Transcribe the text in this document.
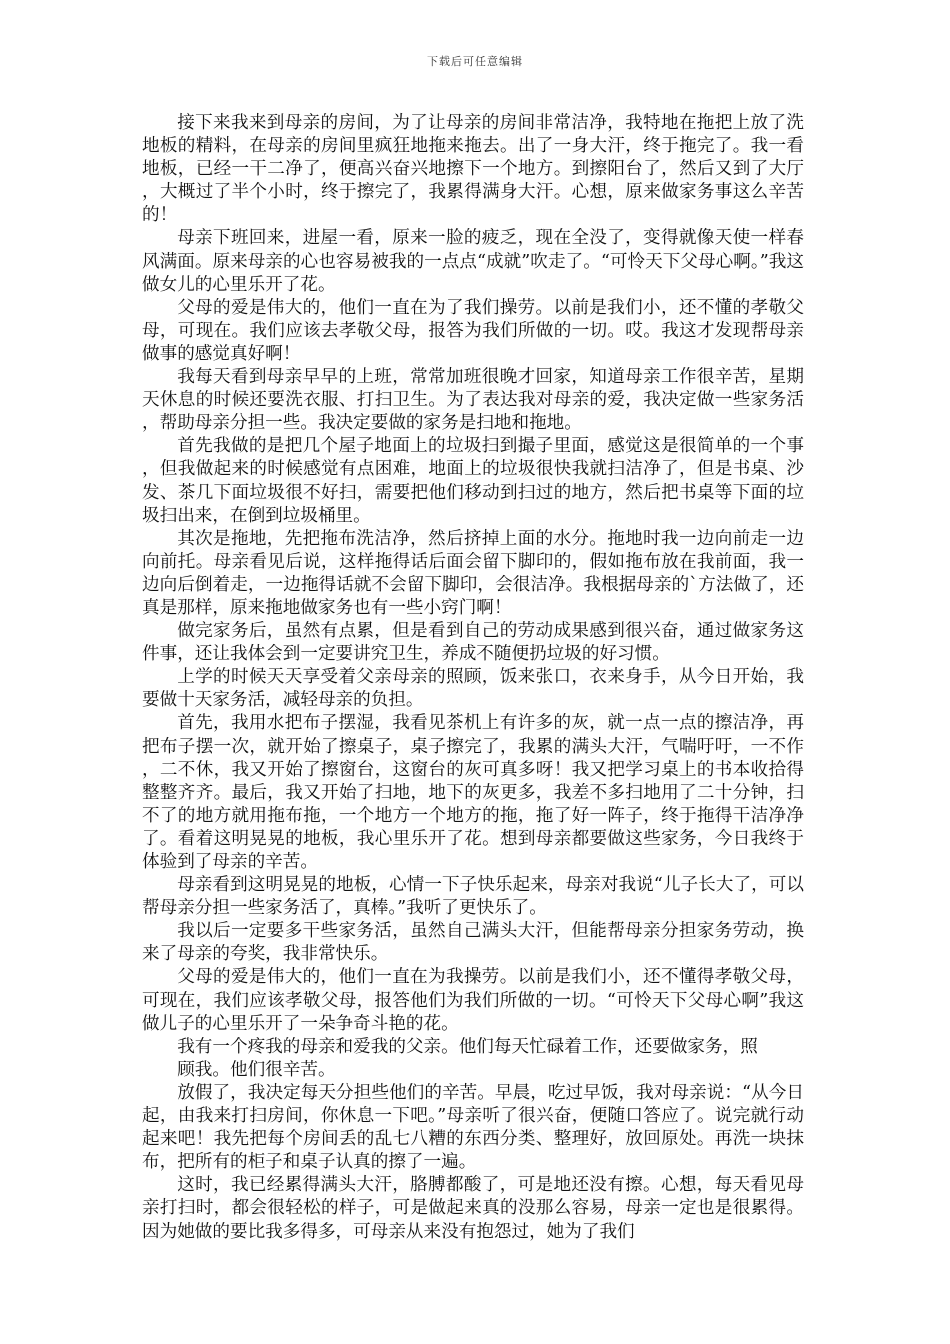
下载后可任意编辑

接下来我来到母亲的房间，为了让母亲的房间非常洁净，我特地在拖把上放了洗地板的精料，在母亲的房间里疯狂地拖来拖去。出了一身大汗，终于拖完了。我一看地板，已经一干二净了，便高兴奋兴地擦下一个地方。到擦阳台了，然后又到了大厅，大概过了半个小时，终于擦完了，我累得满身大汗。心想，原来做家务事这么辛苦的！

母亲下班回来，进屋一看，原来一脸的疲乏，现在全没了，变得就像天使一样春风满面。原来母亲的心也容易被我的一点点“成就”吹走了。“可怜天下父母心啊。”我这做女儿的心里乐开了花。

父母的爱是伟大的，他们一直在为了我们操劳。以前是我们小，还不懂的孝敬父母，可现在。我们应该去孝敬父母，报答为我们所做的一切。哎。我这才发现帮母亲做事的感觉真好啊！

我每天看到母亲早早的上班，常常加班很晚才回家，知道母亲工作很辛苦，星期天休息的时候还要洗衣服、打扫卫生。为了表达我对母亲的爱，我决定做一些家务活，帮助母亲分担一些。我决定要做的家务是扫地和拖地。

首先我做的是把几个屋子地面上的垃圾扫到撮子里面，感觉这是很简单的一个事，但我做起来的时候感觉有点困难，地面上的垃圾很快我就扫洁净了，但是书桌、沙发、茶几下面垃圾很不好扫，需要把他们移动到扫过的地方，然后把书桌等下面的垃圾扫出来，在倒到垃圾桶里。

其次是拖地，先把拖布洗洁净，然后挤掉上面的水分。拖地时我一边向前走一边向前托。母亲看见后说，这样拖得话后面会留下脚印的，假如拖布放在我前面，我一边向后倒着走，一边拖得话就不会留下脚印，会很洁净。我根据母亲的`方法做了，还真是那样，原来拖地做家务也有一些小窍门啊！

做完家务后，虽然有点累，但是看到自己的劳动成果感到很兴奋，通过做家务这件事，还让我体会到一定要讲究卫生，养成不随便扔垃圾的好习惯。

上学的时候天天享受着父亲母亲的照顾，饭来张口，衣来身手，从今日开始，我要做十天家务活，减轻母亲的负担。

首先，我用水把布子摆湿，我看见茶机上有许多的灰，就一点一点的擦洁净，再把布子摆一次，就开始了擦桌子，桌子擦完了，我累的满头大汗，气喘吁吁，一不作，二不休，我又开始了擦窗台，这窗台的灰可真多呀！我又把学习桌上的书本收拾得整整齐齐。最后，我又开始了扫地，地下的灰更多，我差不多扫地用了二十分钟，扫不了的地方就用拖布拖，一个地方一个地方的拖，拖了好一阵子，终于拖得干洁净净了。看着这明晃晃的地板，我心里乐开了花。想到母亲都要做这些家务，今日我终于体验到了母亲的辛苦。

母亲看到这明晃晃的地板，心情一下子快乐起来，母亲对我说“儿子长大了，可以帮母亲分担一些家务活了，真棒。”我听了更快乐了。

我以后一定要多干些家务活，虽然自己满头大汗，但能帮母亲分担家务劳动，换来了母亲的夸奖，我非常快乐。

父母的爱是伟大的，他们一直在为我操劳。以前是我们小，还不懂得孝敬父母，可现在，我们应该孝敬父母，报答他们为我们所做的一切。“可怜天下父母心啊”我这做儿子的心里乐开了一朵争奇斗艳的花。

我有一个疼我的母亲和爱我的父亲。他们每天忙碌着工作，还要做家务，照

顾我。他们很辛苦。

放假了，我决定每天分担些他们的辛苦。早晨，吃过早饭，我对母亲说：“从今日起，由我来打扫房间，你休息一下吧。”母亲听了很兴奋，便随口答应了。说完就行动起来吧！我先把每个房间丢的乱七八糟的东西分类、整理好，放回原处。再洗一块抹布，把所有的柜子和桌子认真的擦了一遍。

这时，我已经累得满头大汗，胳膊都酸了，可是地还没有擦。心想，每天看见母亲打扫时，都会很轻松的样子，可是做起来真的没那么容易，母亲一定也是很累得。因为她做的要比我多得多，可母亲从来没有抱怨过，她为了我们
